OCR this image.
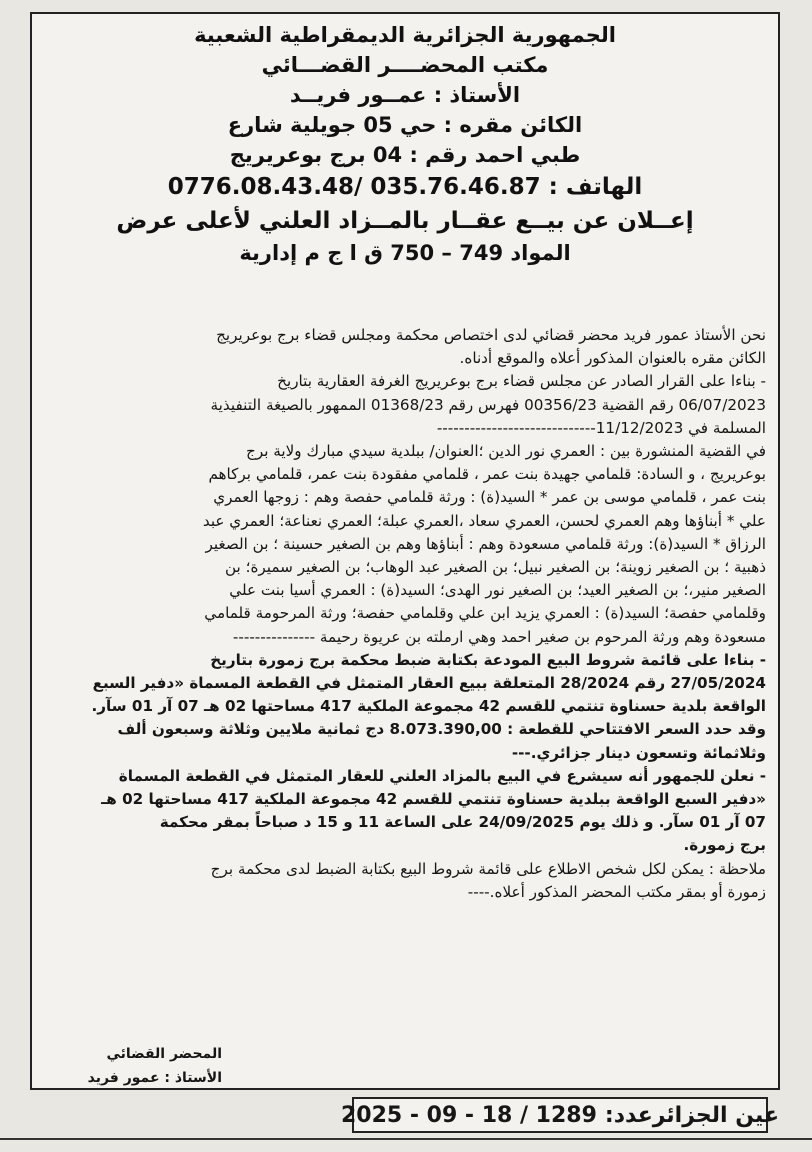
الجمهورية الجزائرية الديمقراطية الشعبية
مكتب المحضــــر القضـــائي
الأستاذ : عمــور فريــد
الكائن مقره : حي 05 جويلية شارع
طبي احمد رقم : 04 برج بوعريريج
الهاتف : 0776.08.43.48/ 035.76.46.87
إعــلان عن بيــع عقــار بالمــزاد العلني لأعلى عرض
المواد 749 – 750 ق ا ج م إدارية

نحن الأستاذ عمور فريد محضر قضائي لدى اختصاص محكمة ومجلس قضاء برج بوعريريج
الكائن مقره بالعنوان المذكور أعلاه والموقع أدناه.

- بناءا على القرار الصادر عن مجلس قضاء برج بوعريريج الغرفة العقارية بتاريخ
06/07/2023 رقم القضية 00356/23 فهرس رقم 01368/23 الممهور بالصيغة التنفيذية
المسلمة في 11/12/2023-----------------------------

في القضية المنشورة بين : العمري نور الدين ؛العنوان/ ببلدية سيدي مبارك ولاية برج
بوعريريج ، و السادة: قلمامي جهيدة بنت عمر ، قلمامي مفقودة بنت عمر، قلمامي بركاهم
بنت عمر ، قلمامي موسى بن عمر * السيد(ة) : ورثة قلمامي حفصة وهم : زوجها العمري
علي * أبناؤها وهم العمري لحسن، العمري سعاد ،العمري عبلة؛ العمري نعناعة؛ العمري عبد
الرزاق * السيد(ة): ورثة قلمامي مسعودة وهم : أبناؤها وهم بن الصغير حسينة ؛ بن الصغير
ذهبية ؛ بن الصغير زوينة؛ بن الصغير نبيل؛ بن الصغير عبد الوهاب؛ بن الصغير سميرة؛ بن
الصغير منير،؛ بن الصغير العيد؛ بن الصغير نور الهدى؛ السيد(ة) : العمري أسيا بنت علي
وقلمامي حفصة؛ السيد(ة) : العمري يزيد ابن علي وقلمامي حفصة؛ ورثة المرحومة قلمامي
مسعودة وهم ورثة المرحوم بن صغير احمد وهي ارملته بن عريوة رحيمة ---------------

- بناءا على قائمة شروط البيع المودعة بكتابة ضبط محكمة برج زمورة بتاريخ
27/05/2024 رقم 28/2024 المتعلقة ببيع العقار المتمثل في القطعة المسماة «دفير السبع
الواقعة بلدية حسناوة تنتمي للقسم 42 مجموعة الملكية 417 مساحتها 02 هـ 07 آر 01 سآر.
وقد حدد السعر الافتتاحي للقطعة : 8.073.390,00 دج ثمانية ملايين وثلاثة وسبعون ألف
وثلاثمائة وتسعون دينار جزائري.---

- نعلن للجمهور أنه سيشرع في البيع بالمزاد العلني للعقار المتمثل في القطعة المسماة
«دفير السبع الواقعة ببلدية حسناوة تنتمي للقسم 42 مجموعة الملكية 417 مساحتها 02 هـ
07 آر 01 سآر. و ذلك يوم 24/09/2025 على الساعة 11 و 15 د صباحاً بمقر محكمة
برج زمورة.

ملاحظة : يمكن لكل شخص الاطلاع على قائمة شروط البيع بكتابة الضبط لدى محكمة برج
زمورة أو بمقر مكتب المحضر المذكور أعلاه.----

المحضر القضائي
الأستاذ : عمور فريد
عين الجزائرعدد:
2025 - 09 - 18 / 1289
